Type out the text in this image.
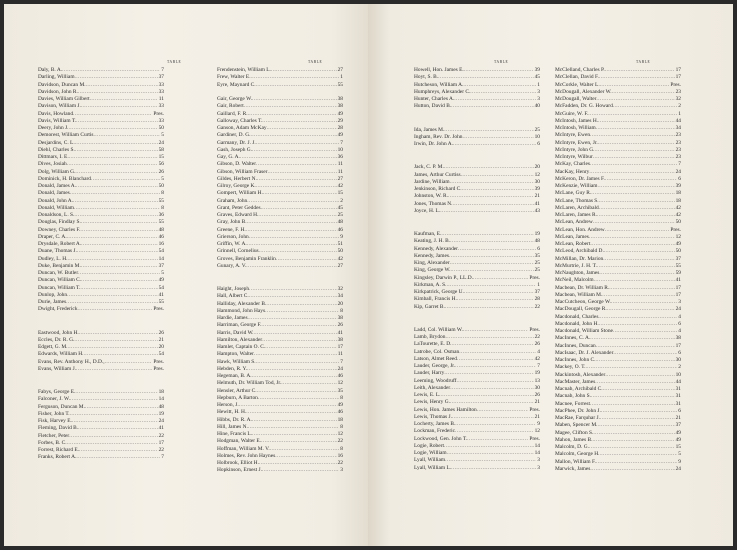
TABLE	TABLE
Daly, B. A. .....	7
Darling, William .....	37
Davidson, Duncan M. .....	33
Davidson, John R. .....	33
Davies, William Gilbert .....	11
Davison, William J. .....	33
Davis, Howland .....	Pres.
Davis, William T. .....	33
Deery, John J. .....	50
Demorest, William Curtis .....	5
Desjardins, C. L. .....	24
Diehl, Charles S. .....	58
Dittmars, I. E. .....	15
Dives, Josiah .....	56
Dolg, William G. .....	26
Dominick, H. Blanchard .....	5
Donald, James A. .....	50
Donald, James .....	8
Donald, John A. .....	55
Donald, William .....	8
Donaldson, L. S. .....	36
Douglas, Findlay S. .....	55
Downey, Charles F. .....	48
Draper, C. A. .....	46
Drysdale, Robert A. .....	16
Duane, Thomas J. .....	54
Dudley, L. H. .....	14
Duke, Benjamin M. .....	37
Duncan, W. Butler .....	5
Duncan, William C. .....	49
Duncan, William T. .....	54
Dunlop, John .....	41
Durie, James .....	55
Dwight, Frederick .....	Pres.
Eastwood, John H. .....	26
Eccles, Dr. R. G. .....	21
Edgett, G. M. .....	20
Edwards, William H. .....	54
Evans, Rev. Anthony H., D.D., .....	Pres.
Evans, William J. .....	Pres.
Fabys, George E. .....	18
Falconer, J. W. .....	14
Ferguson, Duncan M. .....	48
Fisher, John T. .....	19
Fisk, Harvey E. .....	24
Fleming, David B. .....	41
Fletcher, Peter .....	22
Forbes, B. C. .....	17
Forrest, Richard E. .....	22
Franks, Robert A. .....	7
Frendenstein, William L. .....	27
Frew, Walter E. .....	1
Eyre, Maynard C. .....	55
Gair, George W. .....	38
Gair, Robert .....	38
Gaillard, F. R. .....	49
Galloway, Charles T. .....	29
Ganson, Adam McKay .....	28
Gardiner, D. G. .....	49
Garmany, Dr. J. J. .....	7
Gash, Joseph G. .....	10
Gay, G. A. .....	36
Gibson, D. Walter .....	11
Gibson, William Fraser .....	11
Gildes, Herbert N. .....	27
Gilroy, George K. .....	42
Gompert, William H. .....	15
Graham, John .....	2
Grant, Peter Geddes .....	45
Graves, Edward H. .....	25
Gray, John B. .....	48
Greene, F. H. .....	46
Grierson, John .....	9
Griffin, W. A. .....	51
Grinnell, Cornelius .....	50
Groves, Benjamin Franklin .....	42
Gunary, A. V. .....	27
Haight, Joseph .....	32
Hall, Albert C. .....	34
Halliday, Alexander B. .....	20
Hammond, John Hays .....	8
Hardie, James .....	38
Harriman, George F. .....	26
Harris, David W. .....	41
Hamilton, Alexander .....	38
Hamlet, Captain O. C. .....	17
Hampton, Walter .....	11
Hawk, William S. .....	7
Hebden, R. Y. .....	24
Hegeman, B. A. .....	46
Helmuth, Dr. William Tod, Jr. .....	12
Hensler, Arthur C. .....	35
Hepburn, A Barton .....	8
Herson, J. .....	49
Hewitt, H. H. .....	46
Hibbs, Dr. R. A. .....	18
Hill, James N. .....	8
Hine, Francis L. .....	12
Hodgman, Walter E. .....	22
Hoffman, William M. V. .....	8
Holmes, Rev. John Haynes .....	16
Holbrook, Elliot H. .....	22
Hopkinson, Ernest J. .....	3
TABLE	TABLE
Howell, Hon. James E. .....	39
Hoyt, S. B. .....	45
Hutcheson, William A. .....	1
Humphreys, Alexander C. .....	3
Hunter, Charles A. .....	3
Hutton, David B. .....	40
Ida, James M. .....	25
Ingham, Rev. Dr. John .....	10
Irwin, Dr. John A. .....	6
Jack, C. P. M. .....	20
James, Arthur Curtiss .....	12
Jardine, William .....	30
Jenkinson, Richard C. .....	39
Johnston, W. R. .....	21
Jones, Thomas N. .....	41
Joyce, H. L. .....	43
Kaufman, E. .....	19
Keating, J. H. B. .....	48
Kennedy, Alexander .....	6
Kennedy, James .....	35
King, Alexander .....	25
King, George W. .....	25
Kingsley, Darwin P., LL.D. .....	Pres.
Kirkman, A. S. .....	1
Kirkpatrick, George U. .....	37
Kimball, Francis H. .....	28
Kip, Garret B. .....	22
Ladd, Col. William W. .....	Pres.
Lamb, Brydon .....	22
LaTourette, E. D. .....	26
Latrobe, Col. Osman .....	4
Latson, Almet Reed .....	42
Lauder, George, Jr. .....	7
Lauder, Harry .....	19
Leeming, Woodruff .....	13
Leith, Alexander .....	30
Lewis, E. L. .....	26
Lewis, Henry G. .....	21
Lewis, Hon. James Hamilton .....	Pres.
Lewis, Thomas J. .....	21
Locherty, James B. .....	9
Lockman, Frederic .....	12
Lockwood, Gen. John T. .....	Pres.
Logie, Robert .....	14
Logie, William .....	14
Lyall, William .....	3
Lyall, William L. .....	3
McClelland, Charles P. .....	17
McClellan, David F. .....	17
McCorkle, Walter L. .....	Pres.
McDougall, Alexander W. .....	23
McDougall, Walter .....	32
McFadden, Dr. G. Howard .....	2
McGuire, W. F. .....	1
McIntosh, James H. .....	44
McIntosh, William .....	34
McIntyre, Ewen .....	23
McIntyre, Ewen, Jr. .....	23
McIntyre, John G. .....	23
McIntyre, Wilbur .....	23
McKay, Charles .....	7
MacKay, Henry .....	24
McKeron, Dr. James F. .....	6
McKenzie, William .....	39
McLane, Guy R. .....	18
McLane, Thomas S. .....	18
McLaren, Archibald .....	42
McLaren, James R. .....	42
McLean, Andrew .....	50
McLean, Hon. Andrew .....	Pres.
McLean, James .....	12
McLean, Robert .....	49
McLeod, Archibald D. .....	50
McMillan, Dr. Marion .....	37
McMurtrie, J. H. T. .....	55
McNaughton, James .....	59
McNeil, Malcolm .....	41
Macbean, Dr. William R. .....	17
Macbean, William M. .....	17
MacCutcheon, George W. .....	3
MacDougall, George R. .....	24
Macdonald, Charles .....	4
Macdonald, John H. .....	6
Macdonald, William Stone .....	4
MacInnes, C. A. .....	38
MacInnes, Duncan .....	17
MacIsaac, Dr. J. Alexander .....	6
MacInnes, John C. .....	30
Mackey, O. T. .....	2
Mackintosh, Alexander .....	10
MacMaster, James .....	44
Macnab, Archibald C. .....	31
Macnab, John S. .....	31
Macnee, Forrest .....	31
MacPhee, Dr. John J. .....	6
MacRae, Farquhar J. .....	21
Maben, Spencer M. .....	37
Magee, Clifton S. .....	49
Mahon, James B. .....	49
Malcolm, D. G. .....	15
Malcolm, George H. .....	5
Mallon, William F. .....	9
Marwick, James .....	24
